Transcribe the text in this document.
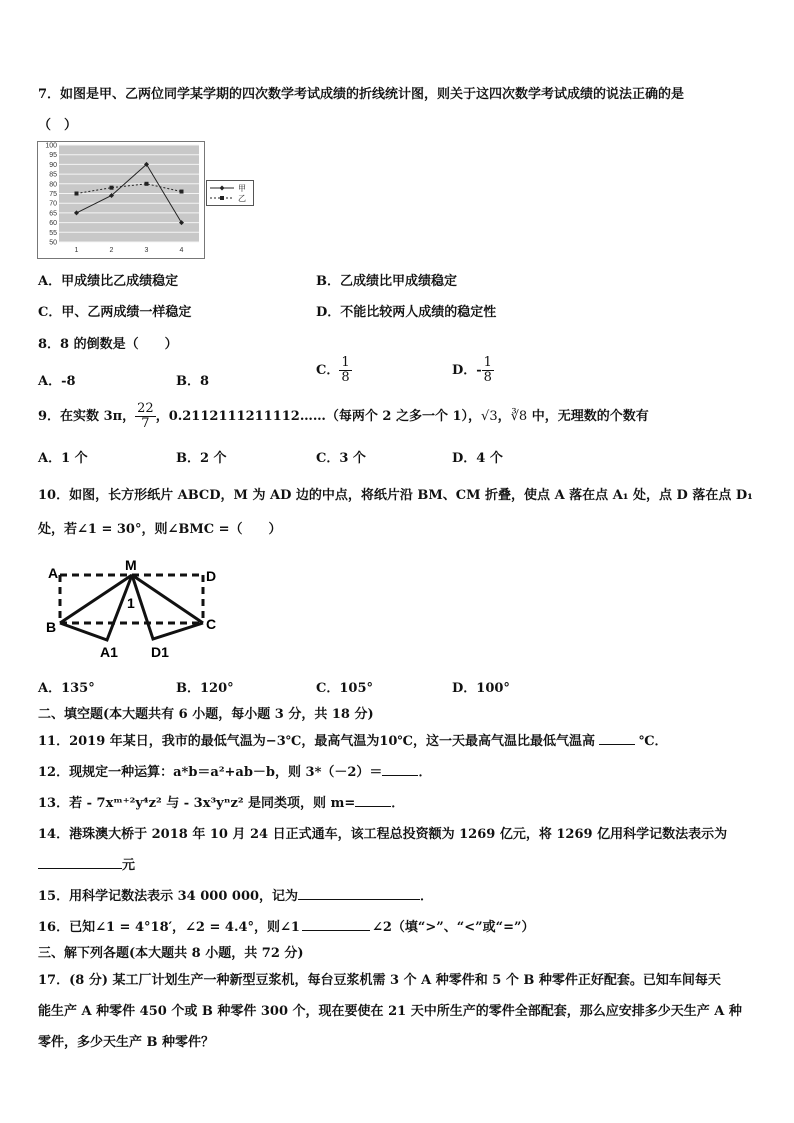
7．如图是甲、乙两位同学某学期的四次数学考试成绩的折线统计图，则关于这四次数学考试成绩的说法正确的是
（　）
100
95
90
85
80
75
70
65
60
55
50
1	2	3	4
A．甲成绩比乙成绩稳定	B．乙成绩比甲成绩稳定
C．甲、乙两成绩一样稳定	D．不能比较两人成绩的稳定性
8．8 的倒数是（　　）
A．-8	B．8
C． $\frac{1}{8}$	D．- $\frac{1}{8}$
9．在实数 3π， $\frac{22}{7}$ ，0.2112111211112……（每两个 2 之多一个 1），√3，∛8 中，无理数的个数有
A．1 个	B．2 个	C．3 个	D．4 个
10．如图，长方形纸片 ABCD，M 为 AD 边的中点，将纸片沿 BM、CM 折叠，使点 A 落在点 A₁ 处，点 D 落在点 D₁
处，若∠1 = 30°，则∠BMC =（　　）
A	M
D
B	C
A1 D1
1
A．135°	B．120°	C．105°	D．100°
二、填空题(本大题共有 6 小题，每小题 3 分，共 18 分)
11．2019 年某日，我市的最低气温为−3℃，最高气温为10℃，这一天最高气温比最低气温高	℃．
12．现规定一种运算：a*b＝a²+ab－b，则 3*（－2）＝	．
13．若 - 7xᵐ⁺²y⁴z² 与 - 3x³yⁿz² 是同类项，则 m=	．
14．港珠澳大桥于 2018 年 10 月 24 日正式通车，该工程总投资额为 1269 亿元，将 1269 亿用科学记数法表示为
元
15．用科学记数法表示 34 000 000，记为	．
16．已知∠1 = 4°18′，∠2 = 4.4°，则∠1	∠2（填“>”、“<”或“=”）
三、解下列各题(本大题共 8 小题，共 72 分)
17．(8 分) 某工厂计划生产一种新型豆浆机，每台豆浆机需 3 个 A 种零件和 5 个 B 种零件正好配套。已知车间每天
能生产 A 种零件 450 个或 B 种零件 300 个，现在要使在 21 天中所生产的零件全部配套，那么应安排多少天生产 A 种
零件，多少天生产 B 种零件？
甲
乙
